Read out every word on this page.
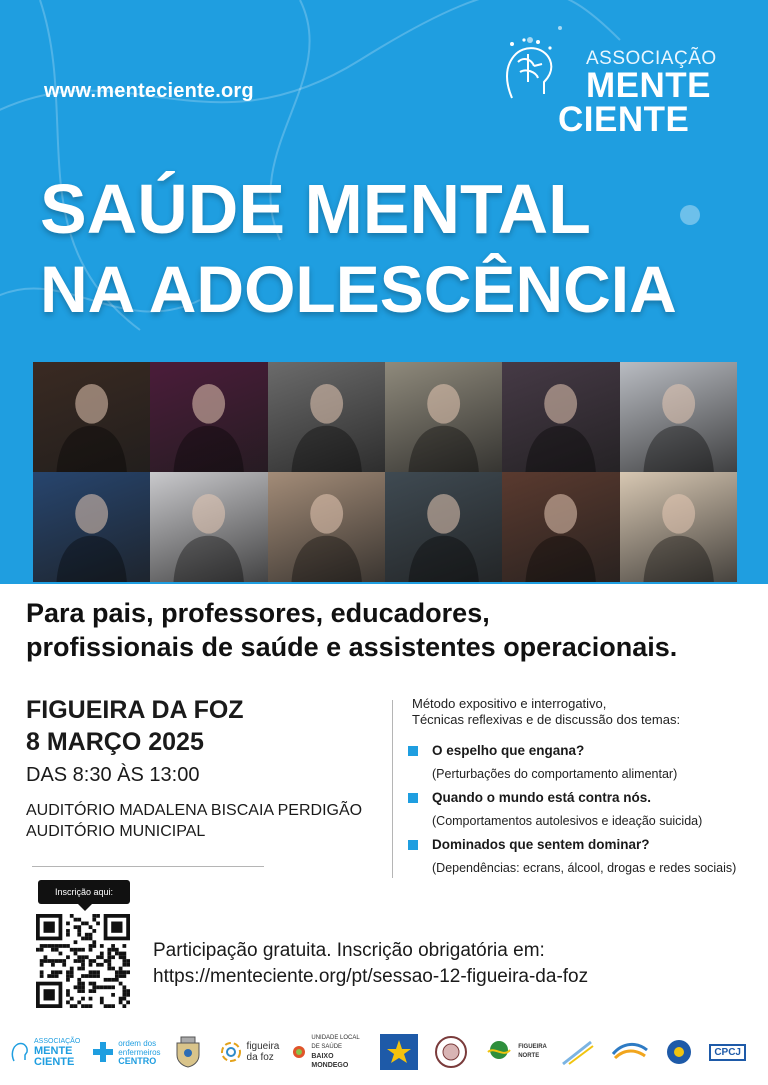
www.menteciente.org
ASSOCIAÇÃO
MENTE
CIENTE
SAÚDE MENTAL
NA ADOLESCÊNCIA
Para pais, professores, educadores,
profissionais de saúde e assistentes operacionais.
FIGUEIRA DA FOZ
8 MARÇO 2025
DAS 8:30 ÀS 13:00
AUDITÓRIO MADALENA BISCAIA PERDIGÃO
AUDITÓRIO MUNICIPAL
Método expositivo e interrogativo,
Técnicas reflexivas e de discussão dos temas:
O espelho que engana?
(Perturbações do comportamento alimentar)
Quando o mundo está contra nós.
(Comportamentos autolesivos e ideação suicida)
Dominados que sentem dominar?
(Dependências: ecrans, álcool, drogas e redes sociais)
Inscrição aqui:
Participação gratuita. Inscrição obrigatória em:
https://menteciente.org/pt/sessao-12-figueira-da-foz
ASSOCIAÇÃO
MENTE
CIENTE
ordem dos
enfermeiros
CENTRO
figueira
da foz
UNIDADE LOCAL DE SAÚDE
BAIXO MONDEGO
FIGUEIRA NORTE	CPCJ
